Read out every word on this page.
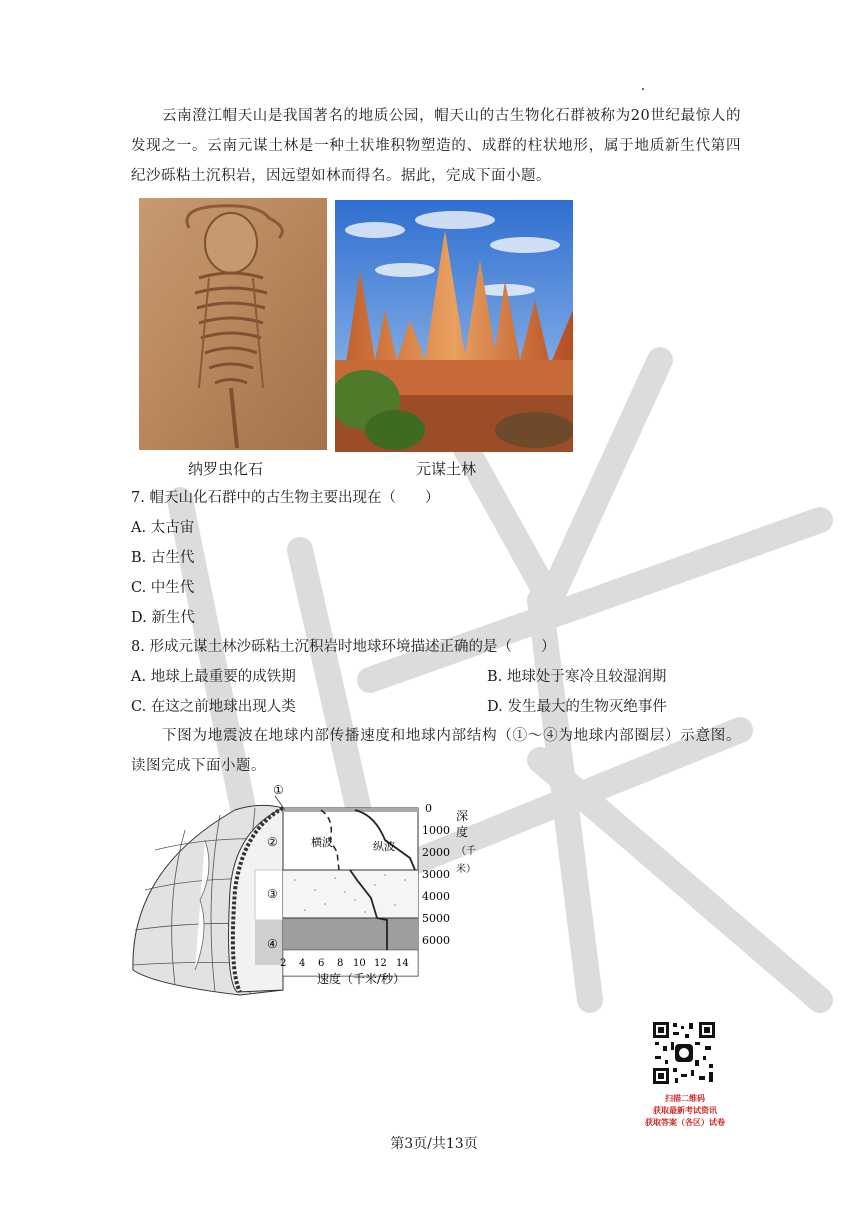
云南澄江帽天山是我国著名的地质公园，帽天山的古生物化石群被称为20世纪最惊人的发现之一。云南元谋土林是一种土状堆积物塑造的、成群的柱状地形，属于地质新生代第四纪沙砾粘土沉积岩，因远望如林而得名。据此，完成下面小题。
纳罗虫化石	元谋土林
7. 帽天山化石群中的古生物主要出现在（　　）
A. 太古宙
B. 古生代
C. 中生代
D. 新生代
8. 形成元谋土林沙砾粘土沉积岩时地球环境描述正确的是（　　）
A. 地球上最重要的成铁期	B. 地球处于寒冷且较湿润期
C. 在这之前地球出现人类	D. 发生最大的生物灭绝事件
下图为地震波在地球内部传播速度和地球内部结构（①～④为地球内部圈层）示意图。读图完成下面小题。
①
②
③
④
横波	纵波
0
1000
2000
3000
4000
5000
6000
深
度
（千
米）
2 4 6 8 10 12 14
速度（千米/秒）
扫描二维码
获取最新考试资讯
获取答案（各区）试卷
第3页/共13页
